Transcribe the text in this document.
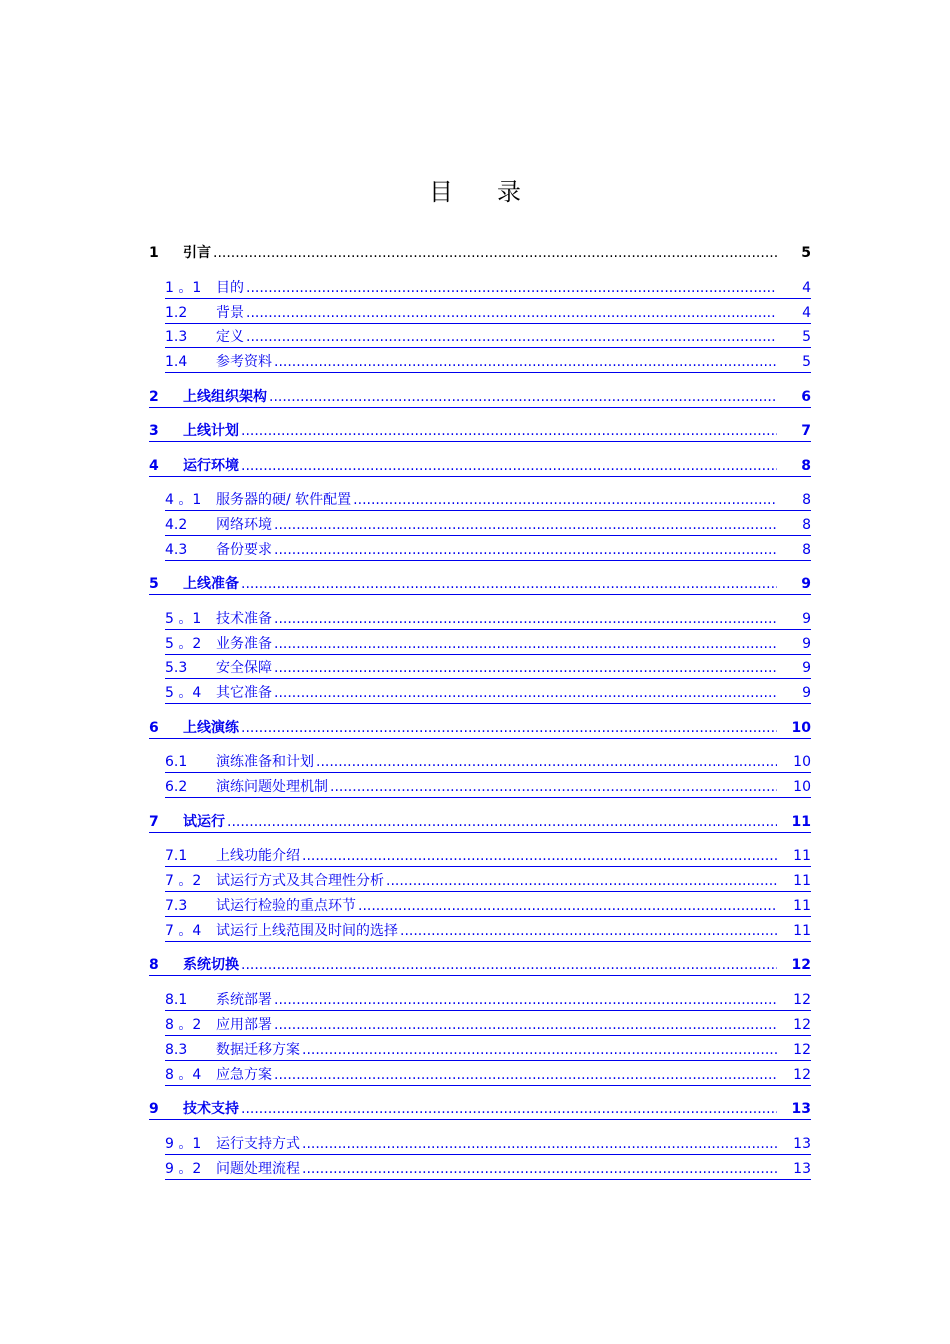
目 录
1	引言 .....	5
1 。1	目的 .....	4
1.2	背景 .....	4
1.3	定义 .....	5
1.4	参考资料 .....	5
2	上线组织架构 .....	6
3	上线计划 .....	7
4	运行环境 .....	8
4 。1	服务器的硬/ 软件配置 .....	8
4.2	网络环境 .....	8
4.3	备份要求 .....	8
5	上线准备 .....	9
5 。1	技术准备 .....	9
5 。2	业务准备 .....	9
5.3	安全保障 .....	9
5 。4	其它准备 .....	9
6	上线演练 .....	10
6.1	演练准备和计划 .....	10
6.2	演练问题处理机制 .....	10
7	试运行 .....	11
7.1	上线功能介绍 .....	11
7 。2	试运行方式及其合理性分析 .....	11
7.3	试运行检验的重点环节 .....	11
7 。4	试运行上线范围及时间的选择 .....	11
8	系统切换 .....	12
8.1	系统部署 .....	12
8 。2	应用部署 .....	12
8.3	数据迁移方案 .....	12
8 。4	应急方案 .....	12
9	技术支持 .....	13
9 。1	运行支持方式 .....	13
9 。2	问题处理流程 .....	13
